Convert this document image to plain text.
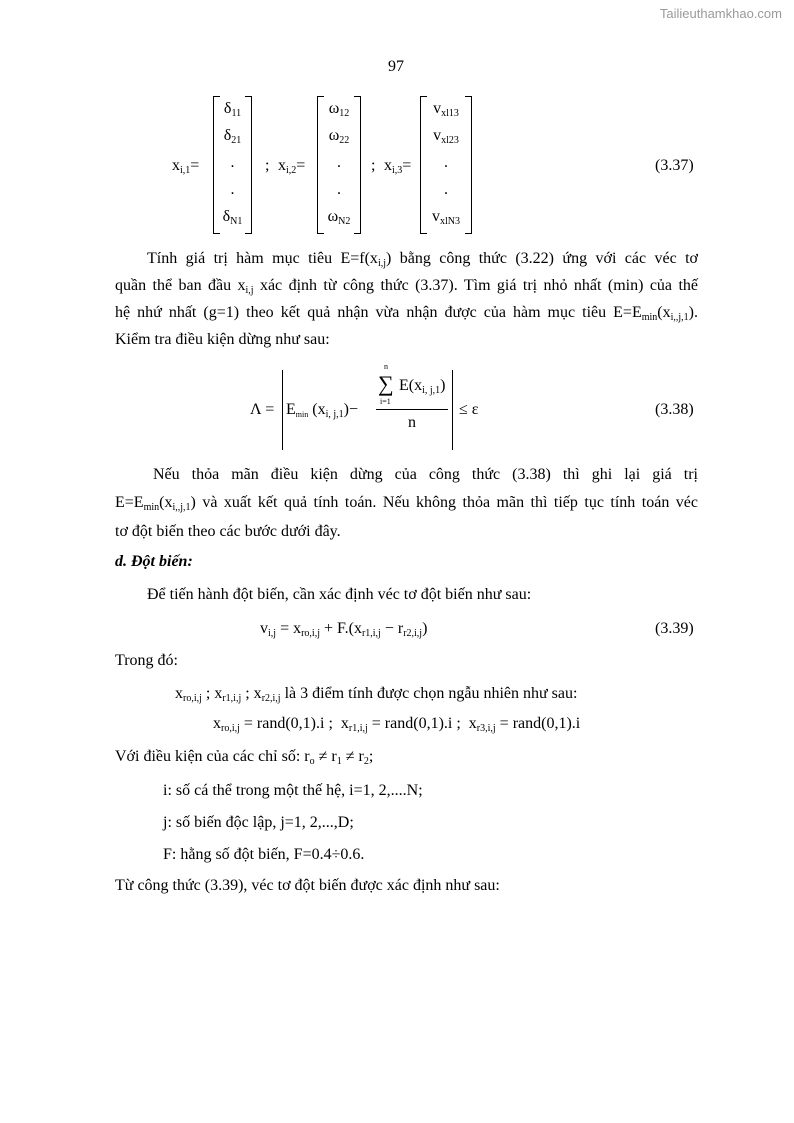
Tailieuthamkhao.com
97
$x_{i,1}=$
$\delta_{11}$
$\delta_{21}$
.
.
$\delta_{N1}$
; $x_{i,2}=$
$\omega_{12}$
$\omega_{22}$
.
.
$\omega_{N2}$
; $x_{i,3}=$
$v_{xl13}$
$v_{xl23}$
.
.
$v_{xlN3}$
(3.37)
Tính giá trị hàm mục tiêu $E=f(x_{i,j})$ bằng công thức (3.22) ứng với các véc tơ
quần thể ban đầu $x_{i,j}$ xác định từ công thức (3.37). Tìm giá trị nhỏ nhất (min) của thế
hệ nhứ nhất (g=1) theo kết quả nhận vừa nhận được của hàm mục tiêu $E=E_{min}(x_{i,,j,1})$.
Kiểm tra điều kiện dừng như sau:
$\Lambda = E_{min}$ $(x_{i, j,1})-$
n
∑
i=1
$E(x_{i, j,1})$
n
≤ ε	(3.38)
Nếu thỏa mãn điều kiện dừng của công thức (3.38) thì ghi lại giá trị
$E=E_{min}(x_{i,,j,1})$ và xuất kết quả tính toán. Nếu không thỏa mãn thì tiếp tục tính toán véc
tơ đột biến theo các bước dưới đây.
d. Đột biến:
Để tiến hành đột biến, cần xác định véc tơ đột biến như sau:
$v_{i,j} = x_{ro,i,j} + F.(x_{r1,i,j} - r_{r2,i,j})$	(3.39)
Trong đó:
$x_{ro,i,j}$ ; $x_{r1,i,j}$ ; $x_{r2,i,j}$ là 3 điểm tính được chọn ngẫu nhiên như sau:
$x_{ro,i,j}$ = rand(0,1).i ; $x_{r1,i,j}$ = rand(0,1).i ; $x_{r3,i,j}$ = rand(0,1).i
Với điều kiện của các chỉ số: $r_o \ne r_1 \ne r_2$;
i: số cá thể trong một thế hệ, i=1, 2,....N;
j: số biến độc lập, j=1, 2,...,D;
F: hằng số đột biến, F=0.4÷0.6.
Từ công thức (3.39), véc tơ đột biến được xác định như sau:
